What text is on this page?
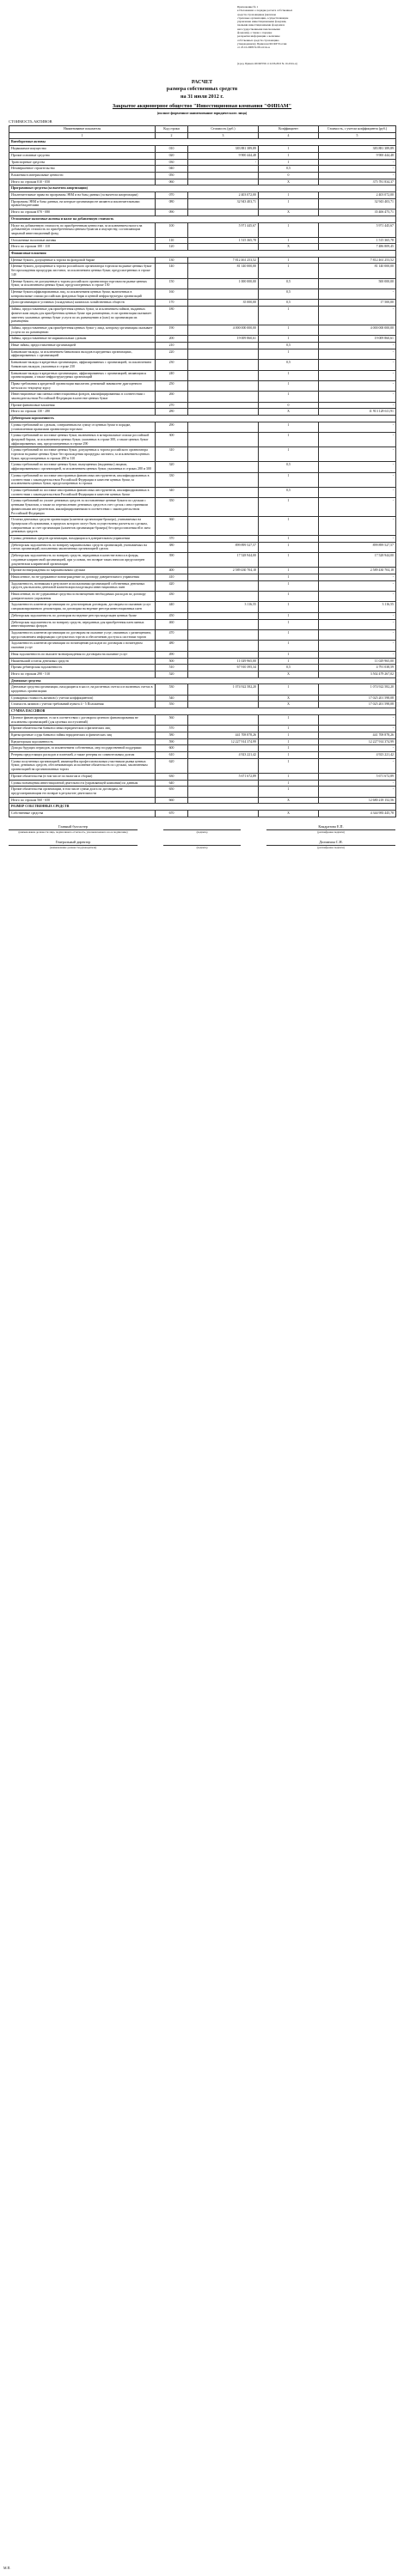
Приложение № 1
к Положению о порядке расчета собственных
средств страховщиков (включая
страховые организации, осуществляющие
управление инвестиционными фондами,
паевыми инвестиционными фондами и
негосударственными пенсионными
фондами), а также о порядке
раскрытия информации о величине
собственных средств страховщика
утвержденному Приказом ФСФР России
от 23.10.2008 № 08-41/пз-н
(в ред. Приказа ФСФР РФ от 22.06.2010 № 10-43/пз-н)
РАСЧЕТ
размера собственных средств
на 31 июля 2012 г.
Закрытое акционерное общество "Инвестиционная компания "ФИНАМ"
(полное фирменное наименование юридического лица)
СТОИМОСТЬ АКТИВОВ
Наименование показателя	Код строки	Стоимость (руб.)	Коэффициент	Стоимость, с учетом коэффициента (руб.)
1	2	3	4	5
Внеоборотные активы				
Недвижимое имущество	010	383 881 389,89	1	383 881 389,89
Прочие основные средства	020	9 900 444,48	1	9 900 444,48
Транспортные средства	030	-	1	-
Незавершенное строительство	040		0,5	-
Вложения в материальные ценности	050		0	-
Итого по строкам 010 - 050	060		X	375 781 834,37
Программные средства (за вычетом амортизации)				
Исключительные права на программы ЭВМ и на базы данных (за вычетом амортизации)	070	2 403 072,00	1	2 403 072,00
Программы ЭВМ и базы данных, на которые организации не являются исключительными правообладателями	080	32 943 403,71	1	32 943 403,71
Итого по строкам 070 - 080	090		X	35 406 475,71
Отложенные налоговые активы и налог на добавленную стоимость				
Налог на добавленную стоимость по приобретенным ценностям, за исключением налога на добавленную стоимость по приобретенным ценным бумагам и имуществу, составляющим закрытый инвестиционный фонд	100	5 971 445,67	1	5 971 445,67
Отложенные налоговые активы	110	1 515 365,78	1	1 515 365,78
Итого по строкам 100 - 110	120		X	7 486 809,45
Финансовые вложения				
Ценные бумаги, допущенные к торгам на фондовой бирже	130	7 812 461 253,52	1	7 812 461 253,52
Ценные бумаги, допущенные к торгам российского организатора торговли на рынке ценных бумаг без прохождения процедуры листинга, за исключением ценных бумаг, предусмотренных в строке 140	140	81 140 000,00	1	81 140 000,00
Ценные бумаги, не допущенные к торгам российского организатора торговли на рынке ценных бумаг, за исключением ценных бумаг, предусмотренных в строке 150	150	1 000 000,00	0,5	500 000,00
Ценные бумаги аффилированных лиц, за исключением ценных бумаг, включенных в котировальные списки российских фондовых бирж и ценной инфраструктуры организаций	160		0,5	-
Доли организации в уставных (складочных) капиталах хозяйственных обществ	170	35 000,00	0,5	17 500,00
Займы, предоставленные для приобретения ценных бумаг, за исключением займов, выданных физическим лицам для приобретения ценных бумаг при размещении, если организация оказывает эмитенту указанных ценных бумаг услуги по их размещению и (или) по организации их размещения	180		1	-
Займы, предоставленные для приобретения ценных бумаг у лица, которому организация оказывает услуги по их размещению	190	4 000 000 000,00	1	4 000 000 000,00
Займы, предоставленные не маржинальным сделкам	200	19 009 860,61	1	19 009 860,61
Иные займы, предоставленные организацией	210		0,5	-
Банковские вклады, за исключением банковских вкладов в кредитных организациях, аффилированных с организацией	220		1	-
Банковские вклады в кредитных организациях, аффилированных с организацией, за исключением банковских вкладов, указанных в строке 230	230		0,5	-
Банковские вклады в кредитных организациях, аффилированных с организацией, являющихся организациями, а также инфраструктурных организаций	240		1	-
Права требования к кредитной организации выплатить денежный эквивалент драгоценного металла по текущему курсу	250		1	-
Инвестиционные паи паевых инвестиционных фондов, квалифицированных в соответствии с законодательством Российской Федерации в качестве ценных бумаг	260		1	-
Прочие финансовые вложения	270		0	-
Итого по строкам 130 - 280	280		X	11 913 128 611,91
Дебиторская задолженность				
Суммы требований по сделкам, совершенным на сумму от ценных бумаг в порядке, установленном правилами организатора торговли	290		1	-
Суммы требований по поставке ценных бумаг, включенных в котировальные списки российской фондовой биржи, за исключением ценных бумаг, указанных в строке 300, а также ценных бумаг аффилированных лиц, предусмотренных в строке 290	300		1	-
Суммы требований по поставке ценных бумаг, допущенных к торгам российского организатора торговли на рынке ценных бумаг без прохождения процедуры листинга, за исключением ценных бумаг, предусмотренных в строках 280 и 310	310		1	-
Суммы требований по поставке ценных бумаг, выпущенных (выданных) лицами, аффилированными с организацией, за исключением ценных бумаг, указанных в строках 280 и 300	320		0,5	-
Суммы требований по поставке иностранных финансовых инструментов, квалифицированных в соответствии с законодательством Российской Федерации в качестве ценных бумаг, за исключением ценных бумаг, предусмотренных в строках	330		1	-
Суммы требований по поставке иностранных финансовых инструментов, квалифицированных в соответствии с законодательством Российской Федерации в качестве ценных бумаг	340		0,5	-
Суммы требований по уплате денежных средств за поставленные ценные бумаги по сделкам с ценными бумагами, а также по перечислению денежных средств в счет сделок с иностранными финансовыми инструментами, квалифицированными в соответствии с законодательством Российской Федерации	350		1	-
Остатки денежных средств организации (клиентов организации-брокера), учитываемых на брокерском обслуживании, в пределах которого могут быть осуществлены расчеты по сделкам, совершенным за счет организации (клиентов организации-брокера) без предоставления ей в заем денежных средств	360		1	-
Суммы денежных средств организации, находящихся в доверительном управлении	370		1	-
Дебиторская задолженность по возврату маржинальных средств организаций, учитываемых на счетах организаций, исполнения заключенных организацией сделок	380	899 899 527,57	1	899 899 527,57
Дебиторская задолженность по возврату средств, переданных в качестве взноса в фонды, созданные клиринговой организацией, при условии, что возврат таких взносов предусмотрен документами клиринговой организации	390	17 528 944,00	1	17 528 944,00
Прочие вознаграждения по маржинальным сделкам	400	2 589 430 704,18	1	2 589 430 704,18
Начисленное, но не удержанное вознаграждение по договору доверительного управления	410		1	-
Задолженность, возникшая в результате использования организацией собственных денежных средств для выплаты денежной компенсации владельцам инвестиционных паев	420		1	-
Начисленные, но не удержанные средства по возмещению необходимых расходов по договору доверительного управления	430		1	-
Задолженность клиентов организации по депозитарным договорам, договорам по оказанию услуг специализированного депозитария, по договорам на ведение реестра инвестиционных паев	440	3 116,55	1	3 116,55
Дебиторская задолженность по договорам на ведение реестра владельцев ценных бумаг	450		1	-
Дебиторская задолженность по возврату средств, переданных для приобретения паев паевых инвестиционных фондов	460		1	-
Задолженность клиентов организации по договорам на оказание услуг, связанных с размещением, предоставлением информации о результатах торгов и обеспечению доступа к системам торгов	470		1	-
Задолженность клиентов организации по возмещению расходов по договорам о возмездном оказании услуг	480		1	-
Иная задолженность по выплате вознаграждения по договорам на оказание услуг	490		1	-
Наименьший остаток денежных средств	500	11 029 965,00	1	11 029 965,00
Прочая дебиторская задолженность	510	67 910 395,34	0,5	4 791 038,59
Итого по строкам 290 - 510	520		X	3 502 479 267,02
Денежные средства				
Денежные средства организации, находящиеся в кассе, на расчетных счетах и в валютных счетах в кредитных организациях	530	1 074 922 582,20	1	1 074 922 582,20
Суммарная стоимость активов (с учетом коэффициентов)	540		X	17 025 201 598,08
Стоимость активов с учетом требований пункта 4 - 5 Положения	550		X	17 025 201 598,08
СУММА ПАССИВОВ				
Целевое финансирование, если в соответствии с договором целевого финансирования не исключены организацией (для целевых поступлений)	560		1	-
Прочие обязательства банков и иных юридических и физических лиц	570		1	-
Краткосрочные ссуды банков и займы юридических и физических лиц	580	441 708 878,26	1	441 708 878,26
Кредиторская задолженность	590	12 227 914 374,99	1	12 227 914 374,99
Доходы будущих периодов, за исключением собственных, мер государственной поддержки	600		1	-
Резервы предстоящих расходов и платежей, а также резервы по сомнительным долгам	610	4 923 221,42	1	4 923 221,42
Сумма полученных организацией, являющейся профессиональным участником рынка ценных бумаг, денежных средств, обеспечивающих исполнение обязательств по сделкам, заключенным организацией на организованных торгах	620		1	-
Прочие обязательства (в том числе по налогам и сборам)	630	5 671 672,89	1	5 671 672,89
Суммы возмещения инвестиционной деятельности (управляющей компании) по данным	640		1	-
Прочие обязательства организации, в том числе сумма долга по договорам, не предусматривающим его возврат в результате деятельности	650		1	-
Итого по строкам 560 - 650	660		X	12 680 218 152,56
РАЗМЕР СОБСТВЕННЫХ СРЕДСТВ				
Собственные средства	670		X	4 344 983 445,78
Главный бухгалтер
(наименование должности лица, подписавшего отчетность, уполномоченного на ее подписание)	(подпись)
Кондратова Е.П.
(расшифровка подписи)
Генеральный директор
(наименование должности руководителя)	(подпись)
Долмихин С.Н.
(расшифровка подписи)
М.П.
